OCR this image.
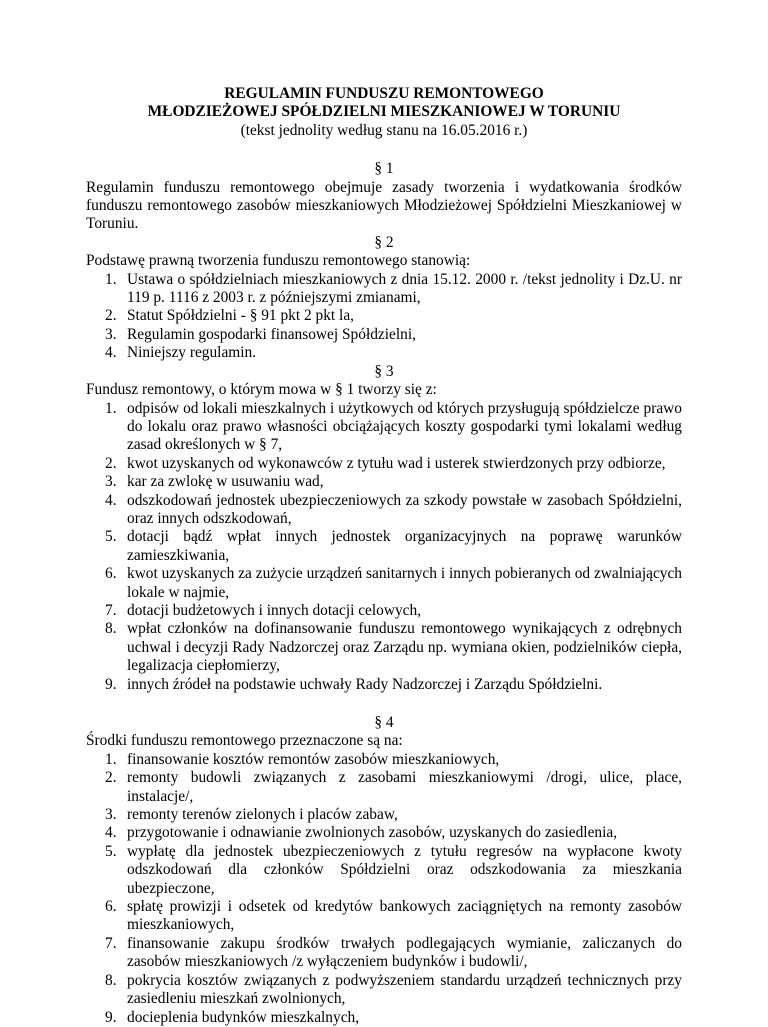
REGULAMIN FUNDUSZU REMONTOWEGO
MŁODZIEŻOWEJ SPÓŁDZIELNI MIESZKANIOWEJ W TORUNIU
(tekst jednolity według stanu na 16.05.2016 r.)
§ 1

Regulamin funduszu remontowego obejmuje zasady tworzenia i wydatkowania środków funduszu remontowego zasobów mieszkaniowych Młodzieżowej Spółdzielni Mieszkaniowej w Toruniu.

§ 2

Podstawę prawną tworzenia funduszu remontowego stanowią:

1. Ustawa o spółdzielniach mieszkaniowych z dnia 15.12. 2000 r. /tekst jednolity i Dz.U. nr 119 p. 1116 z 2003 r. z późniejszymi zmianami,
2. Statut Spółdzielni - § 91 pkt 2 pkt la,
3. Regulamin gospodarki finansowej Spółdzielni,
4. Niniejszy regulamin.
§ 3

Fundusz remontowy, o którym mowa w § 1 tworzy się z:

1. odpisów od lokali mieszkalnych i użytkowych od których przysługują spółdzielcze prawo do lokalu oraz prawo własności obciążających koszty gospodarki tymi lokalami według zasad określonych w § 7,
2. kwot uzyskanych od wykonawców z tytułu wad i usterek stwierdzonych przy odbiorze,
3. kar za zwlokę w usuwaniu wad,
4. odszkodowań jednostek ubezpieczeniowych za szkody powstałe w zasobach Spółdzielni, oraz innych odszkodowań,
5. dotacji bądź wpłat innych jednostek organizacyjnych na poprawę warunków zamieszkiwania,
6. kwot uzyskanych za zużycie urządzeń sanitarnych i innych pobieranych od zwalniających lokale w najmie,
7. dotacji budżetowych i innych dotacji celowych,
8. wpłat członków na dofinansowanie funduszu remontowego wynikających z odrębnych uchwal i decyzji Rady Nadzorczej oraz Zarządu np. wymiana okien, podzielników ciepła, legalizacja ciepłomierzy,
9. innych źródeł na podstawie uchwały Rady Nadzorczej i Zarządu Spółdzielni.
§ 4

Środki funduszu remontowego przeznaczone są na:

1. finansowanie kosztów remontów zasobów mieszkaniowych,
2. remonty budowli związanych z zasobami mieszkaniowymi /drogi, ulice, place, instalacje/,
3. remonty terenów zielonych i placów zabaw,
4. przygotowanie i odnawianie zwolnionych zasobów, uzyskanych do zasiedlenia,
5. wypłatę dla jednostek ubezpieczeniowych z tytułu regresów na wypłacone kwoty odszkodowań dla członków Spółdzielni oraz odszkodowania za mieszkania ubezpieczone,
6. spłatę prowizji i odsetek od kredytów bankowych zaciągniętych na remonty zasobów mieszkaniowych,
7. finansowanie zakupu środków trwałych podlegających wymianie, zaliczanych do zasobów mieszkaniowych /z wyłączeniem budynków i budowli/,
8. pokrycia kosztów związanych z podwyższeniem standardu urządzeń technicznych przy zasiedleniu mieszkań zwolnionych,
9. docieplenia budynków mieszkalnych,
